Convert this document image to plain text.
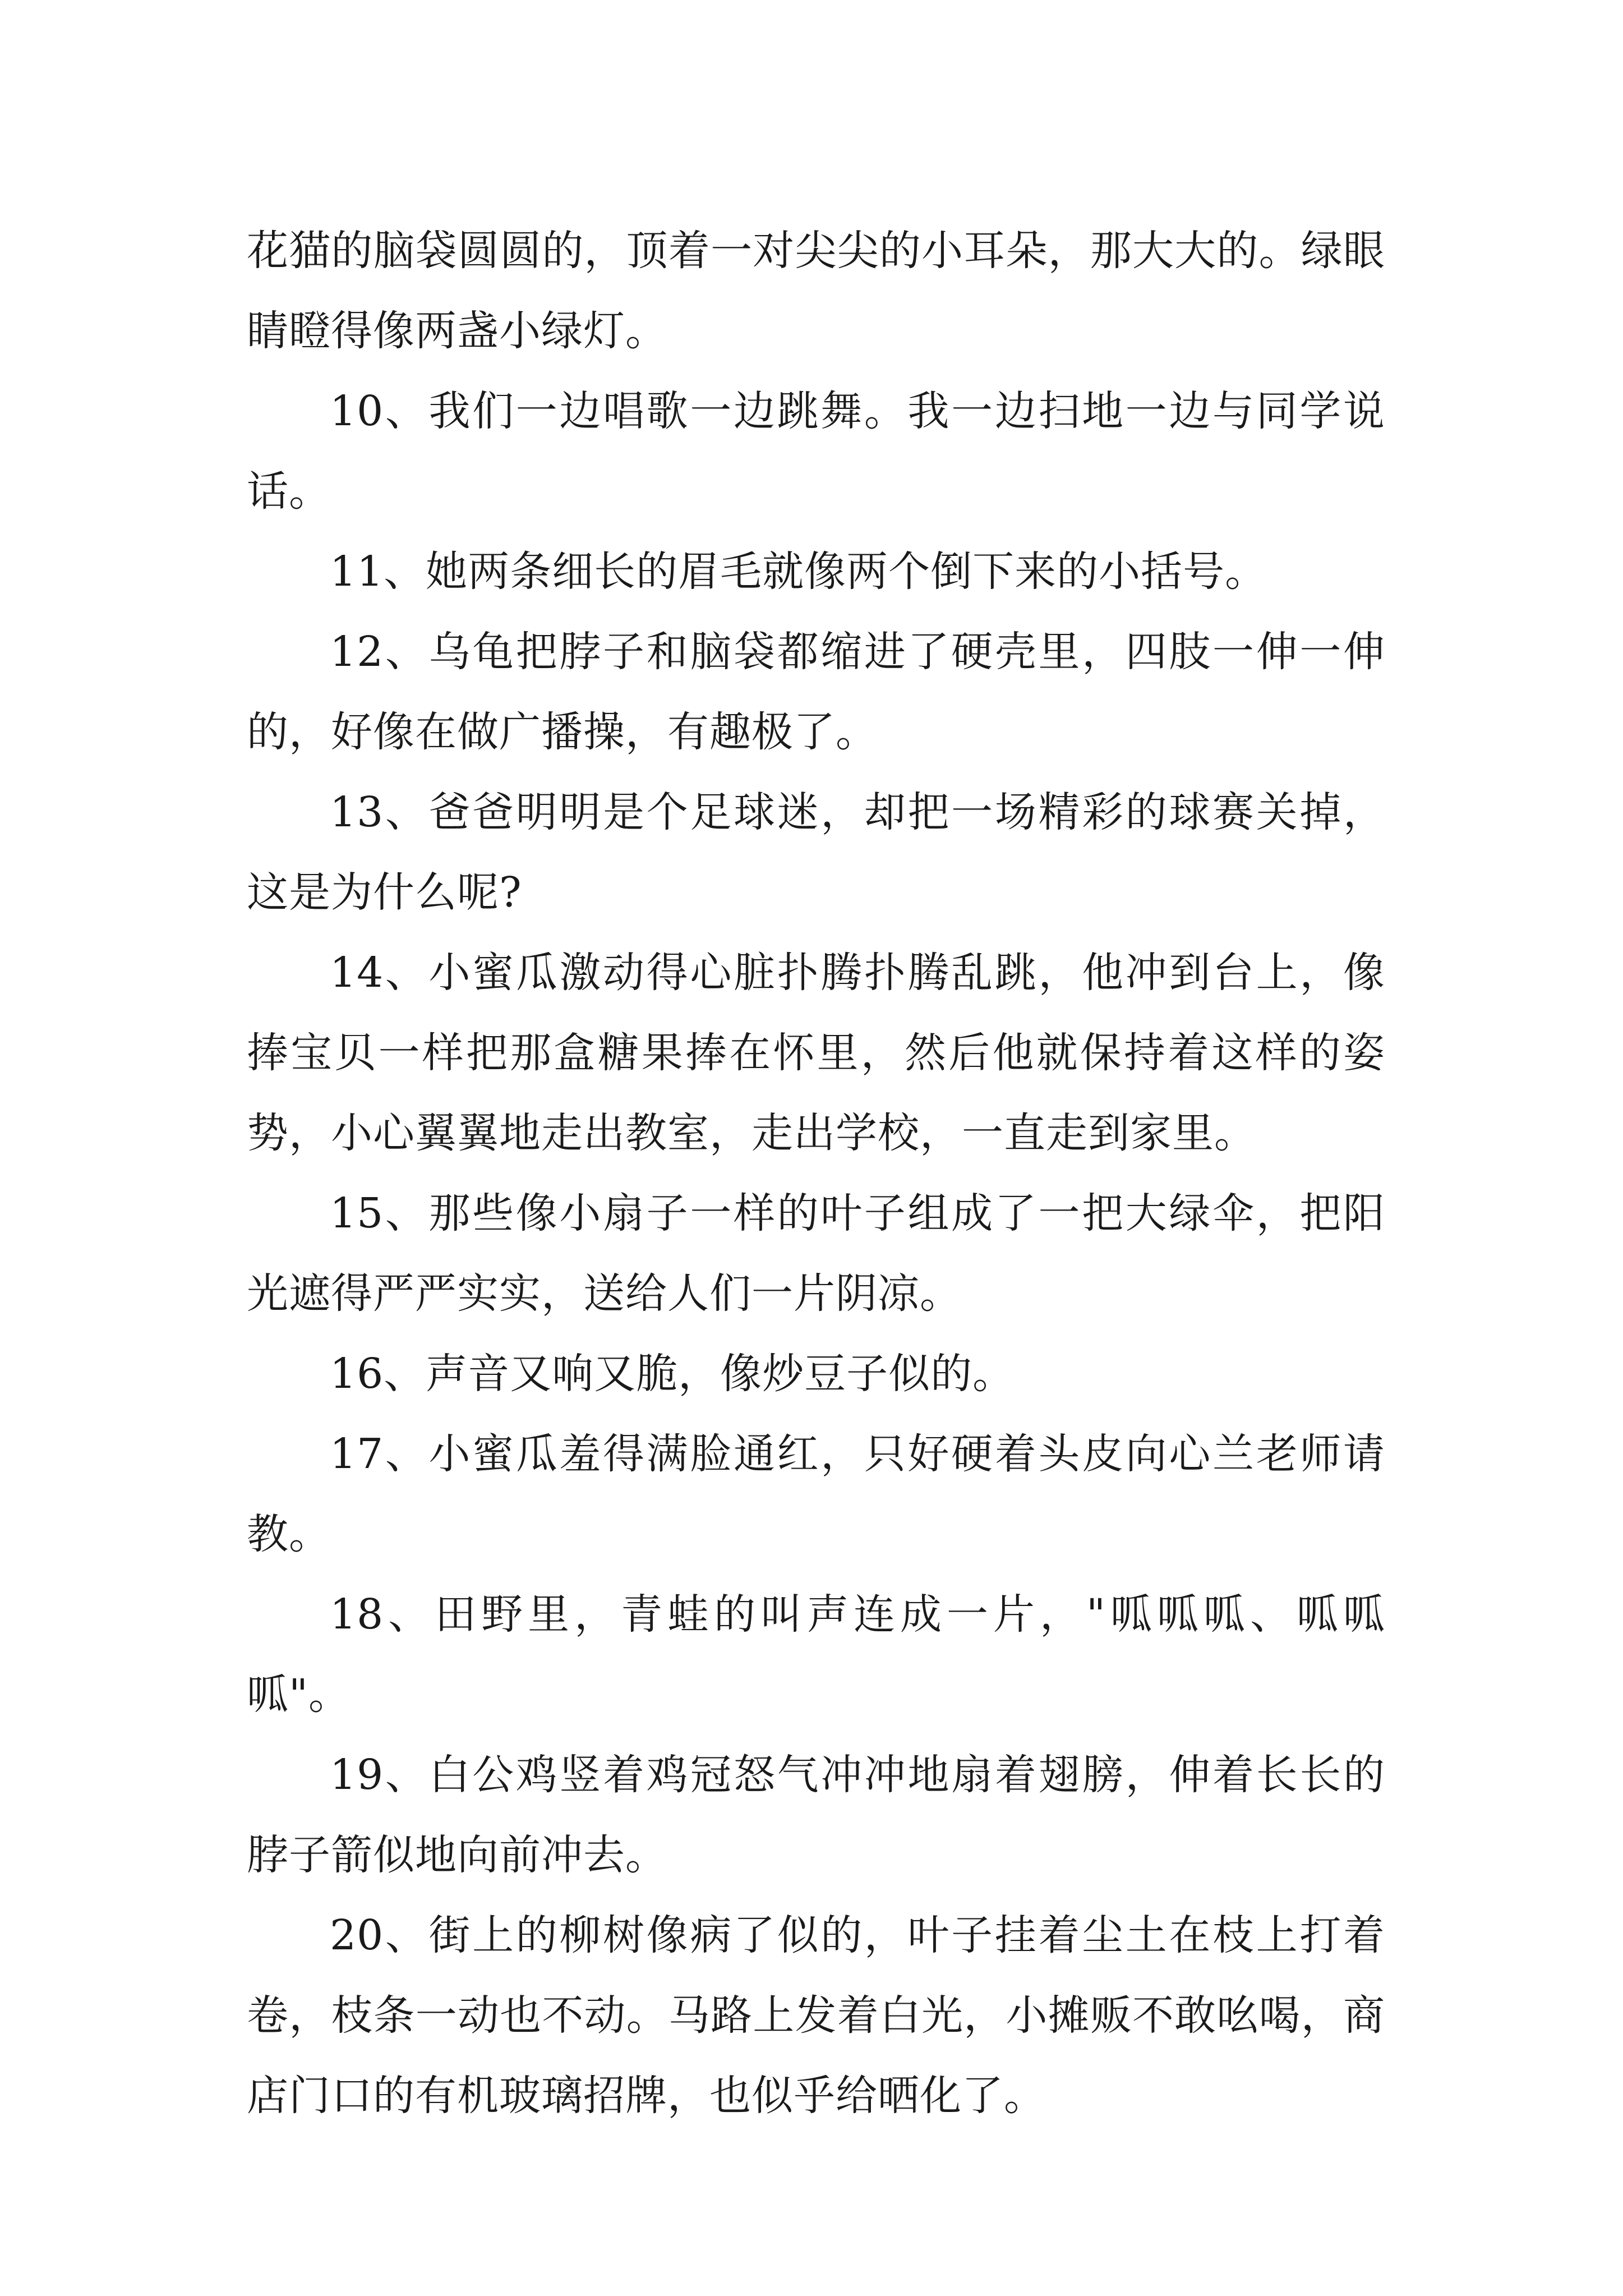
花猫的脑袋圆圆的，顶着一对尖尖的小耳朵，那大大的。绿眼睛瞪得像两盏小绿灯。

10、我们一边唱歌一边跳舞。我一边扫地一边与同学说话。

11、她两条细长的眉毛就像两个倒下来的小括号。

12、乌龟把脖子和脑袋都缩进了硬壳里，四肢一伸一伸的，好像在做广播操，有趣极了。

13、爸爸明明是个足球迷，却把一场精彩的球赛关掉，这是为什么呢?

14、小蜜瓜激动得心脏扑腾扑腾乱跳，他冲到台上，像捧宝贝一样把那盒糖果捧在怀里，然后他就保持着这样的姿势，小心翼翼地走出教室，走出学校，一直走到家里。

15、那些像小扇子一样的叶子组成了一把大绿伞，把阳光遮得严严实实，送给人们一片阴凉。

16、声音又响又脆，像炒豆子似的。

17、小蜜瓜羞得满脸通红，只好硬着头皮向心兰老师请教。

18、田野里，青蛙的叫声连成一片，"呱呱呱、呱呱呱"。

19、白公鸡竖着鸡冠怒气冲冲地扇着翅膀，伸着长长的脖子箭似地向前冲去。

20、街上的柳树像病了似的，叶子挂着尘土在枝上打着卷，枝条一动也不动。马路上发着白光，小摊贩不敢吆喝，商店门口的有机玻璃招牌，也似乎给晒化了。
